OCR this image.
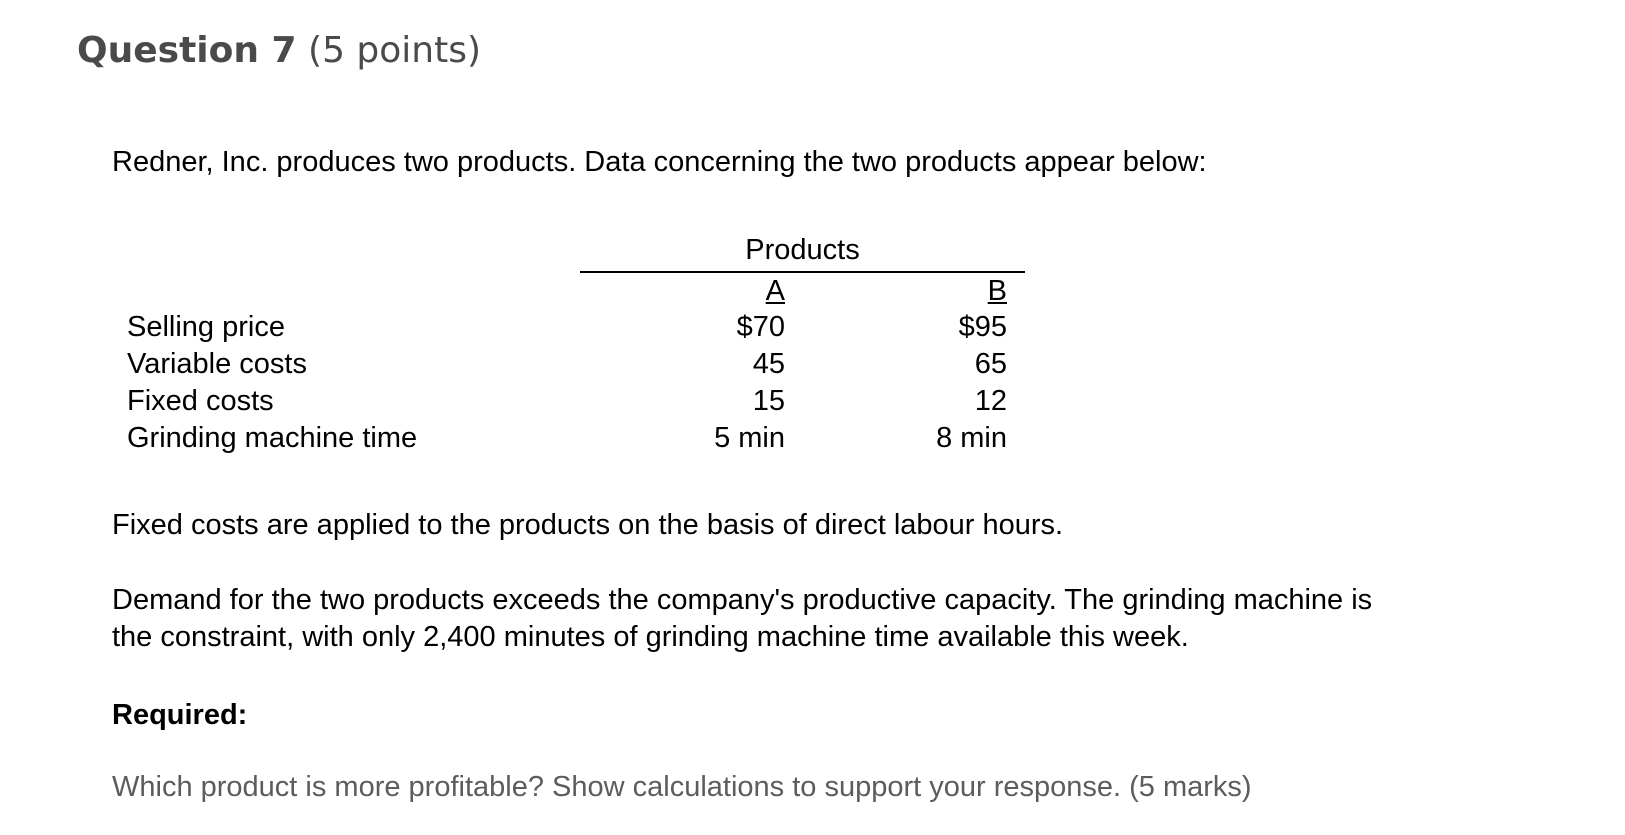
Question 7 (5 points)
Redner, Inc. produces two products. Data concerning the two products appear below:
Products
A	B
Selling price	$70	$95
Variable costs	45	65
Fixed costs	15	12
Grinding machine time	5 min	8 min
Fixed costs are applied to the products on the basis of direct labour hours.
Demand for the two products exceeds the company's productive capacity. The grinding machine is
the constraint, with only 2,400 minutes of grinding machine time available this week.
Required:
Which product is more profitable? Show calculations to support your response. (5 marks)
